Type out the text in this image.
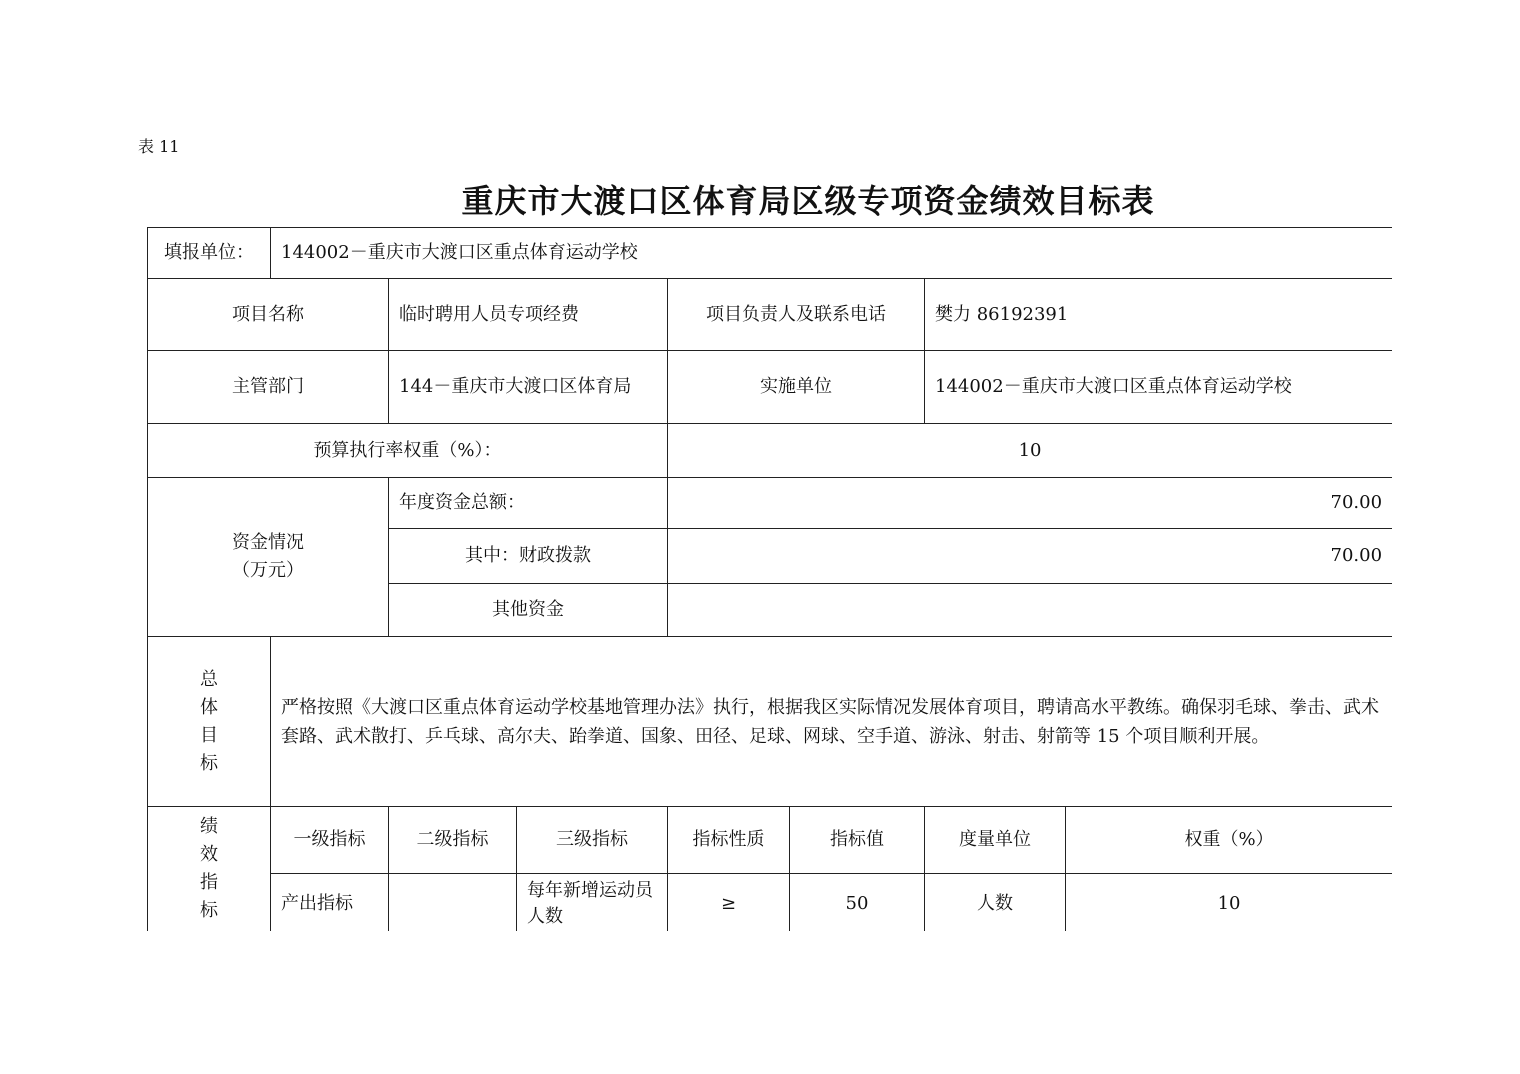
表 11
重庆市大渡口区体育局区级专项资金绩效目标表
填报单位：	144002－重庆市大渡口区重点体育运动学校						
项目名称		临时聘用人员专项经费		项目负责人及联系电话		樊力 86192391	
主管部门		144－重庆市大渡口区体育局		实施单位		144002－重庆市大渡口区重点体育运动学校	
预算执行率权重（%）：				10			

资金情况
（万元）		年度资金总额：		70.00			
		其中：财政拨款		70.00			
		其他资金					

总
体
目
标	严格按照《大渡口区重点体育运动学校基地管理办法》执行，根据我区实际情况发展体育项目，聘请高水平教练。确保羽毛球、拳击、武术套路、武术散打、乒乓球、高尔夫、跆拳道、国象、田径、足球、网球、空手道、游泳、射击、射箭等 15 个项目顺利开展。						

绩
效
指
标	一级指标	二级指标	三级指标	指标性质	指标值	度量单位	权重（%）
	产出指标		每年新增运动员人数	≥	50	人数	10
